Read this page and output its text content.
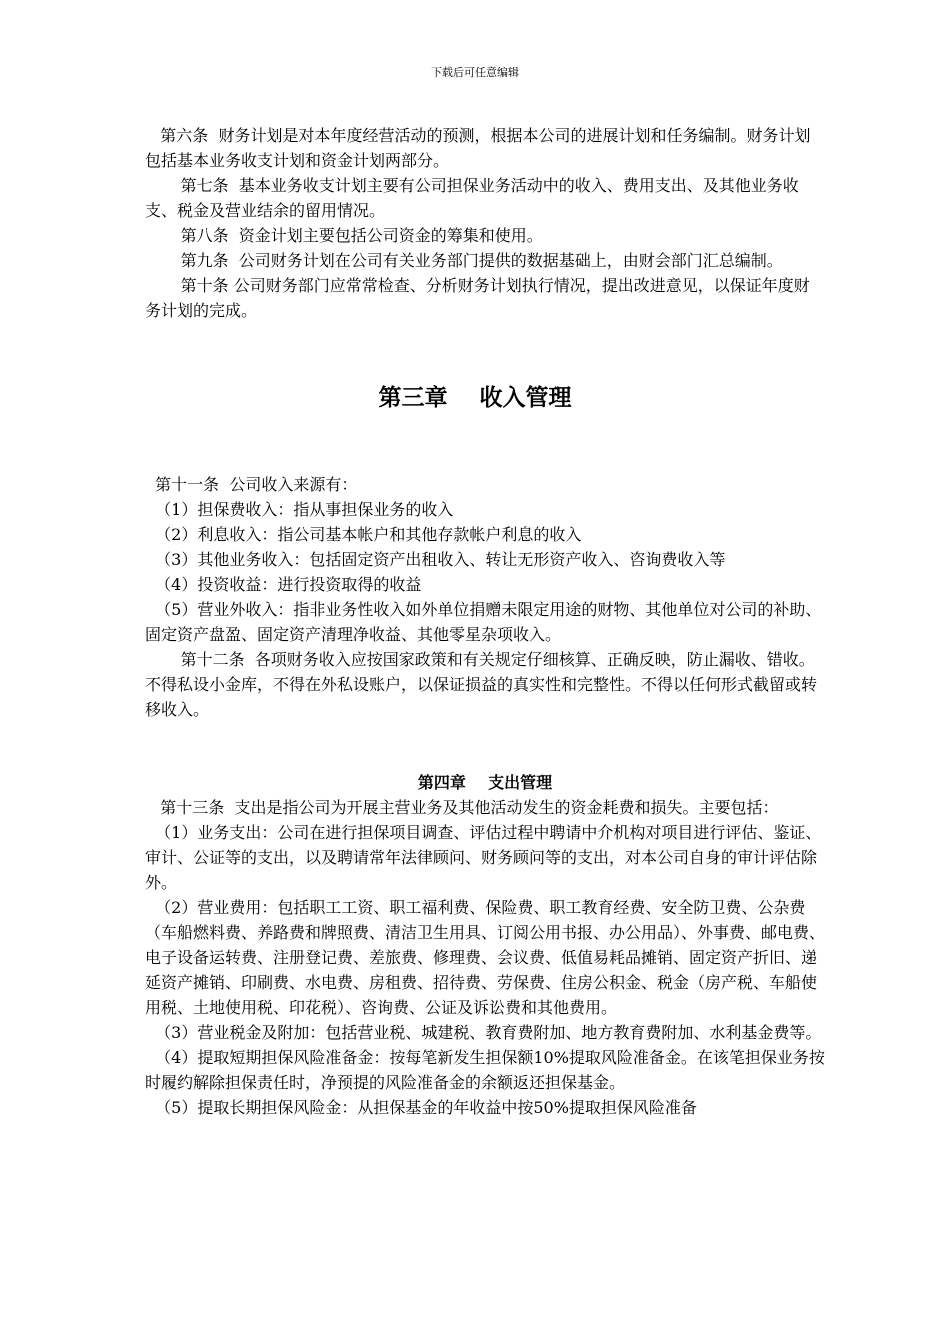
下载后可任意编辑

第六条  财务计划是对本年度经营活动的预测，根据本公司的进展计划和任务编制。财务计划包括基本业务收支计划和资金计划两部分。

第七条  基本业务收支计划主要有公司担保业务活动中的收入、费用支出、及其他业务收支、税金及营业结余的留用情况。

第八条  资金计划主要包括公司资金的筹集和使用。

第九条  公司财务计划在公司有关业务部门提供的数据基础上，由财会部门汇总编制。

第十条 公司财务部门应常常检查、分析财务计划执行情况，提出改进意见，以保证年度财务计划的完成。

第三章    收入管理

第十一条  公司收入来源有：

（1）担保费收入：指从事担保业务的收入

（2）利息收入：指公司基本帐户和其他存款帐户利息的收入

（3）其他业务收入：包括固定资产出租收入、转让无形资产收入、咨询费收入等

（4）投资收益：进行投资取得的收益

（5）营业外收入：指非业务性收入如外单位捐赠未限定用途的财物、其他单位对公司的补助、固定资产盘盈、固定资产清理净收益、其他零星杂项收入。

第十二条  各项财务收入应按国家政策和有关规定仔细核算、正确反映，防止漏收、错收。不得私设小金库，不得在外私设账户，以保证损益的真实性和完整性。不得以任何形式截留或转移收入。

第四章    支出管理

第十三条  支出是指公司为开展主营业务及其他活动发生的资金耗费和损失。主要包括：

（1）业务支出：公司在进行担保项目调查、评估过程中聘请中介机构对项目进行评估、鉴证、审计、公证等的支出，以及聘请常年法律顾问、财务顾问等的支出，对本公司自身的审计评估除外。

（2）营业费用：包括职工工资、职工福利费、保险费、职工教育经费、安全防卫费、公杂费（车船燃料费、养路费和牌照费、清洁卫生用具、订阅公用书报、办公用品）、外事费、邮电费、电子设备运转费、注册登记费、差旅费、修理费、会议费、低值易耗品摊销、固定资产折旧、递延资产摊销、印刷费、水电费、房租费、招待费、劳保费、住房公积金、税金（房产税、车船使用税、土地使用税、印花税）、咨询费、公证及诉讼费和其他费用。

（3）营业税金及附加：包括营业税、城建税、教育费附加、地方教育费附加、水利基金费等。

（4）提取短期担保风险准备金：按每笔新发生担保额10%提取风险准备金。在该笔担保业务按时履约解除担保责任时，净预提的风险准备金的余额返还担保基金。

（5）提取长期担保风险金：从担保基金的年收益中按50%提取担保风险准备
